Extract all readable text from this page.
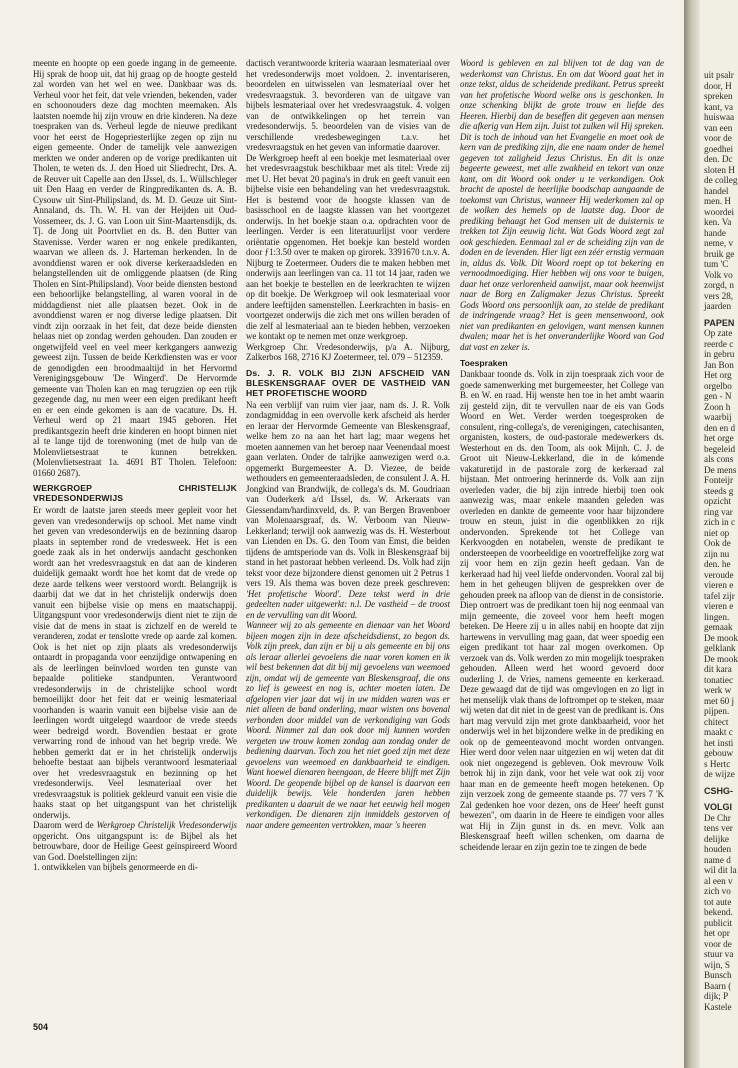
meente en hoopte op een goede ingang in de gemeente. Hij sprak de hoop uit, dat hij graag op de hoogte gesteld zal worden van het wel en wee. Dankbaar was ds. Verheul voor het feit, dat vele vrienden, bekenden, vader en schoonouders deze dag mochten meemaken. Als laatsten noemde hij zijn vrouw en drie kinderen. Na deze toespraken van ds. Verheul legde de nieuwe predikant voor het eerst de Hogepriesterlijke zegen op zijn nu eigen gemeente. Onder de tamelijk vele aanwezigen merkten we onder anderen op de vorige predikanten uit Tholen, te weten ds. J. den Hoed uit Sliedrecht, Drs. A. de Reuver uit Capelle aan den IJssel, ds. L. Wüllschleger uit Den Haag en verder de Ringpredikanten ds. A. B. Cysouw uit Sint-Philipsland, ds. M. D. Geuze uit Sint-Annaland, ds. Th. W. H. van der Heijden uit Oud-Vossemeer, ds. J. G. van Loon uit Sint-Maartensdijk, ds. Tj. de Jong uit Poortvliet en ds. B. den Butter van Stavenisse. Verder waren er nog enkele predikanten, waarvan we alleen ds. J. Harteman herkenden. In de avonddienst waren er ook diverse kerkeraadsleden en belangstellenden uit de omliggende plaatsen (de Ring Tholen en Sint-Philipsland). Voor beide diensten bestond een behoorlijke belangstelling, al waren vooral in de middagdienst niet alle plaatsen bezet. Ook in de avonddienst waren er nog diverse ledige plaatsen. Dit vindt zijn oorzaak in het feit, dat deze beide diensten helaas niet op zondag werden gehouden. Dan zouden er ongetwijfeld veel en veel meer kerkgangers aanwezig geweest zijn. Tussen de beide Kerkdiensten was er voor de genodigden een broodmaaltijd in het Hervormd Verenigingsgebouw 'De Wingerd'. De Hervormde gemeente van Tholen kan en mag terugzien op een rijk gezegende dag, nu men weer een eigen predikant heeft en er een einde gekomen is aan de vacature. Ds. H. Verheul werd op 21 maart 1945 geboren. Het predikantsgezin heeft drie kinderen en hoopt binnen niet al te lange tijd de torenwoning (met de hulp van de Molenvlietsestraat te kunnen betrekken. (Molenvlietsestraat 1a. 4691 BT Tholen. Telefoon: 01660 2687).

WERKGROEP CHRISTELIJK VREDESONDERWIJS

Er wordt de laatste jaren steeds meer gepleit voor het geven van vredesonderwijs op school. Met name vindt het geven van vredesonderwijs en de bezinning daarop plaats in september rond de vredesweek. Het is een goede zaak als in het onderwijs aandacht geschonken wordt aan het vredesvraagstuk en dat aan de kinderen duidelijk gemaakt wordt hoe het komt dat de vrede op deze aarde telkens weer verstoord wordt. Belangrijk is daarbij dat we dat in het christelijk onderwijs doen vanuit een bijbelse visie op mens en maatschappij. Uitgangspunt voor vredesonderwijs dient niet te zijn de visie dat de mens in staat is zichzelf en de wereld te veranderen, zodat er tenslotte vrede op aarde zal komen. Ook is het niet op zijn plaats als vredesonderwijs ontaardt in propaganda voor eenzijdige ontwapening en als de leerlingen beïnvloed worden ten gunste van bepaalde politieke standpunten. Verantwoord vredesonderwijs in de christelijke school wordt bemoeilijkt door het feit dat er weinig lesmateriaal voorhanden is waarin vanuit een bijbelse visie aan de leerlingen wordt uitgelegd waardoor de vrede steeds weer bedreigd wordt. Bovendien bestaat er grote verwarring rond de inhoud van het begrip vrede. We hebben gemerkt dat er in het christelijk onderwijs behoefte bestaat aan bijbels verantwoord lesmateriaal over het vredesvraagstuk en bezinning op het vredesonderwijs. Veel lesmateriaal over het vredesvraagstuk is politiek gekleurd vanuit een visie die haaks staat op het uitgangspunt van het christelijk onderwijs.

Daarom werd de Werkgroep Christelijk Vredesonderwijs opgericht. Ons uitgangspunt is: de Bijbel als het betrouwbare, door de Heilige Geest geïnspireerd Woord van God. Doelstellingen zijn:

1. ontwikkelen van bijbels genormeerde en di-

dactisch verantwoorde kriteria waaraan lesmateriaal over het vredesonderwijs moet voldoen. 2. inventariseren, beoordelen en uitwisselen van lesmateriaal over het vredesvraagstuk. 3. bevorderen van de uitgave van bijbels lesmateriaal over het vredesvraagstuk. 4. volgen van de ontwikkelingen op het terrein van vredesonderwijs. 5. beoordelen van de visies van de verschillende vredesbewegingen t.a.v. het vredesvraagstuk en het geven van informatie daarover.

De Werkgroep heeft al een boekje met lesmateriaal over het vredesvraagstuk beschikbaar met als titel: Vrede zij met U. Het bevat 20 pagina's in druk en geeft vanuit een bijbelse visie een behandeling van het vredesvraagstuk. Het is bestemd voor de hoogste klassen van de basisschool en de laagste klassen van het voortgezet onderwijs. In het boekje staan o.a. opdrachten voor de leerlingen. Verder is een literatuurlijst voor verdere oriëntatie opgenomen. Het boekje kan besteld worden door ƒ1:3.50 over te maken op girorek. 3391670 t.n.v. A. Nijburg te Zoetermeer. Ouders die te maken hebben met onderwijs aan leerlingen van ca. 11 tot 14 jaar, raden we aan het boekje te bestellen en de leerkrachten te wijzen op dit boekje. De Werkgroep wil ook lesmateriaal voor andere leeftijden samenstellen. Leerkrachten in basis- en voortgezet onderwijs die zich met ons willen beraden of die zelf al lesmateriaal aan te bieden hebben, verzoeken we kontakt op te nemen met onze werkgroep.

Werkgroep Chr. Vredesonderwijs, p/a A. Nijburg, Zalkerbos 168, 2716 KJ Zoetermeer, tel. 079 – 512359.

Ds. J. R. VOLK BIJ ZIJN AFSCHEID VAN BLESKENSGRAAF OVER DE VASTHEID VAN HET PROFETISCHE WOORD

Na een verblijf van ruim vier jaar, nam ds. J. R. Volk zondagmiddag in een overvolle kerk afscheid als herder en leraar der Hervormde Gemeente van Bleskensgraaf, welke hem zo na aan het hart lag; maar wegens het moeten aannemen van het beroep naar Veenendaal moest gaan verlaten. Onder de talrijke aanwezigen werd o.a. opgemerkt Burgemeester A. D. Viezee, de beide wethouders en gemeenteraadsleden, de consulent J. A. H. Jongkind van Brandwijk, de collega's ds. M. Goudriaan van Ouderkerk a/d IJssel, ds. W. Arkeraats van Giessendam/hardinxveld, ds. P. van Bergen Bravenboer van Molenaarsgraaf, ds. W. Verboom van Nieuw-Lekkerland; terwijl ook aanwezig was ds. H. Westerbout van Lienden en Ds. G. den Toom van Emst, die beiden tijdens de amtsperiode van ds. Volk in Bleskensgraaf bij stand in het pastoraat hebben verleend. Ds. Volk had zijn tekst voor deze bijzondere dienst genomen uit 2 Petrus 1 vers 19. Als thema was boven deze preek geschreven: 'Het profetische Woord'. Deze tekst werd in drie gedeelten nader uitgewerkt: n.l. De vastheid – de troost en de vervulling van dit Woord.

Wanneer wij zo als gemeente en dienaar van het Woord bijeen mogen zijn in deze afscheidsdienst, zo begon ds. Volk zijn preek, dan zijn er bij u als gemeente en bij ons als leraar allerlei gevoelens die naar voren komen en ik wil best bekennen dat dit bij mij gevoelens van weemoed zijn, omdat wij de gemeente van Bleskensgraaf, die ons zo lief is geweest en nog is, achter moeten laten. De afgelopen vier jaar dat wij in uw midden waren was er niet alleen de band onderling, maar wisten ons bovenal verbonden door middel van de verkondiging van Gods Woord. Nimmer zal dan ook door mij kunnen worden vergeten uw trouw komen zondag aan zondag onder de bediening daarvan. Toch zou het niet goed zijn met deze gevoelens van weemoed en dankbaarheid te eindigen. Want hoewel dienaren heengaan, de Heere blijft met Zijn Woord. De geopende bijbel op de kansel is daarvan een duidelijk bewijs. Vele honderden jaren hebben predikanten u daaruit de we naar het eeuwig heil mogen verkondigen. De dienaren zijn inmiddels gestorven of naar andere gemeenten vertrokken, maar 's heeren

Woord is gebleven en zal blijven tot de dag van de wederkomst van Christus. En om dat Woord gaat het in onze tekst, aldus de scheidende predikant. Petrus spreekt van het profetische Woord welke ons is geschonken. In onze schenking blijkt de grote trouw en liefde des Heeren. Hierbij dan de beseffen dit gegeven aan mensen die afkerig van Hem zijn. Juist tot zulken wil Hij spreken. Dit is toch de inhoud van het Evangelie en moet ook de kern van de prediking zijn, die ene naam onder de hemel gegeven tot zaligheid Jezus Christus. En dit is onze begeerte geweest, met alle zwakheid en tekort van onze kant, om dit Woord ook onder u te verkondigen. Ook bracht de apostel de heerlijke boodschap aangaande de toekomst van Christus, wanneer Hij wederkomen zal op de wolken des hemels op de laatste dag. Door de prediking behaagt het God mensen uit de duisternis te trekken tot Zijn eeuwig licht. Wat Gods Woord zegt zal ook geschieden. Eenmaal zal er de scheiding zijn van de doden en de levenden. Hier ligt een zéér ernstig vermaan in, aldus ds. Volk. Dit Woord roept op tot bekering en vernoodmoediging. Hier hebben wij ons voor te buigen, daar het onze verlorenheid aanwijst, maar ook heenwijst naar de Borg en Zaligmaker Jezus Christus. Spreekt Gods Woord ons persoonlijk aan, zo stelde de predikant de indringende vraag? Het is geen mensenwoord, ook niet van predikanten en gelovigen, want mensen kunnen dwalen; maar het is het onveranderlijke Woord van God dat vast en zeker is.

Toespraken

Dankbaar toonde ds. Volk in zijn toespraak zich voor de goede samenwerking met burgemeester, het College van B. en W. en raad. Hij wenste hen toe in het ambt waarin zij gesteld zijn, dit te vervullen naar de eis van Gods Woord en Wet. Verder werden toegesproken de consulent, ring-collega's, de verenigingen, catechisanten, organisten, kosters, de oud-pastorale medewerkers ds. Westerhout en ds. den Toom, als ook Mijnh. C. J. de Groot uit Nieuw-Lekkerland, die in de kómende vakaturetijd in de pastorale zorg de kerkeraad zal bijstaan. Met ontroering herinnerde ds. Volk aan zijn overleden vader, die bij zijn intrede hierbij toen ook aanwezig was, maar enkele maanden geleden was overleden en dankte de gemeente voor haar bijzondere trouw en steun, juist in die ogenblikken zo rijk ondervonden. Sprekende tot het College van Kerkvoogden en notabelen, wenste de predikant te ondersteepen de voorbeeldige en voortreffelijke zorg wat zij voor hem en zijn gezin heeft gedaan. Van de kerkeraad had hij veel liefde ondervonden. Vooral zal bij hem in het geheugen blijven de gesprekken over de gehouden preek na afloop van de dienst in de consistorie.

Diep ontroert was de predikant toen hij nog eenmaal van mijn gemeente, die zoveel voor hem heeft mogen beteken. De Heere zij u in alles nabij en hoopte dat zijn hartewens in vervulling mag gaan, dat weer spoedig een eigen predikant tot haar zal mogen overkomen. Op verzoek van ds. Volk werden zo min mogelijk toespraken gehouden. Alleen werd het woord gevoerd door ouderling J. de Vries, namens gemeente en kerkeraad. Deze gewaagd dat de tijd was omgevlogen en zo ligt in het menselijk vlak thans de loftrompet op te steken, maar wij weten dat dit niet in de geest van de predikant is. Ons hart mag vervuld zijn met grote dankbaarheid, voor het onderwijs wel in het bijzondere welke in de prediking en ook op de gemeenteavond mocht worden ontvangen. Hier werd door velen naar uitgezien en wij weten dat dit ook niet ongezegend is gebleven. Ook mevrouw Volk betrok hij in zijn dank, voor het vele wat ook zij voor haar man en de gemeente heeft mogen betekenen. Op zijn verzoek zong de gemeente staande ps. 77 vers 7 'K Zal gedenken hoe voor dezen, ons de Heer' heeft gunst bewezen", om daarin in de Heere te eindigen voor alles wat Hij in Zijn gunst in ds. en mevr. Volk aan Bleskensgraaf heeft willen schenken, om daarna de scheidende leraar en zijn gezin toe te zingen de bede

504
uit psalr
door, H
spreken
kant, va
huiswaa
van een
voor de
goedhei
den. Dc
sloten H
de colleg
handel
men. H
woordei
ken. Va
hande
neme, v
bruik ge
tum 'C
Volk vo
zorgd, n
vers 28,
jaarden
PAPEN
Op zate
reerde c
in gebru
Jan Bon
Het org
orgelbo
gen - N
Zoon h
waarbij
den en d
het orge
begeleid
als cons
De mens
Fonteijr
steeds g
opzicht
ring var
zich in c
niet op
Ook de
zijn nu
den. he
veroude
vieren e
tafel zijr
vieren e
lingen.
gemaak
De mook
gelklank
De mook
dit kara
tonatiec
werk w
met 60 j
pijpen.
chitect
maakt c
het insti
gebouw
s Hertc
de wijze
CSHG-
VOLGI
De Chr
tens ver
delijke
houden
name d
wil dit la
al een v
zich vo
tot aute
bekend.
publicit
het opr
voor de
stuur va
wijn, S
Bunsch
Baarn (
dijk; P
Kastele
